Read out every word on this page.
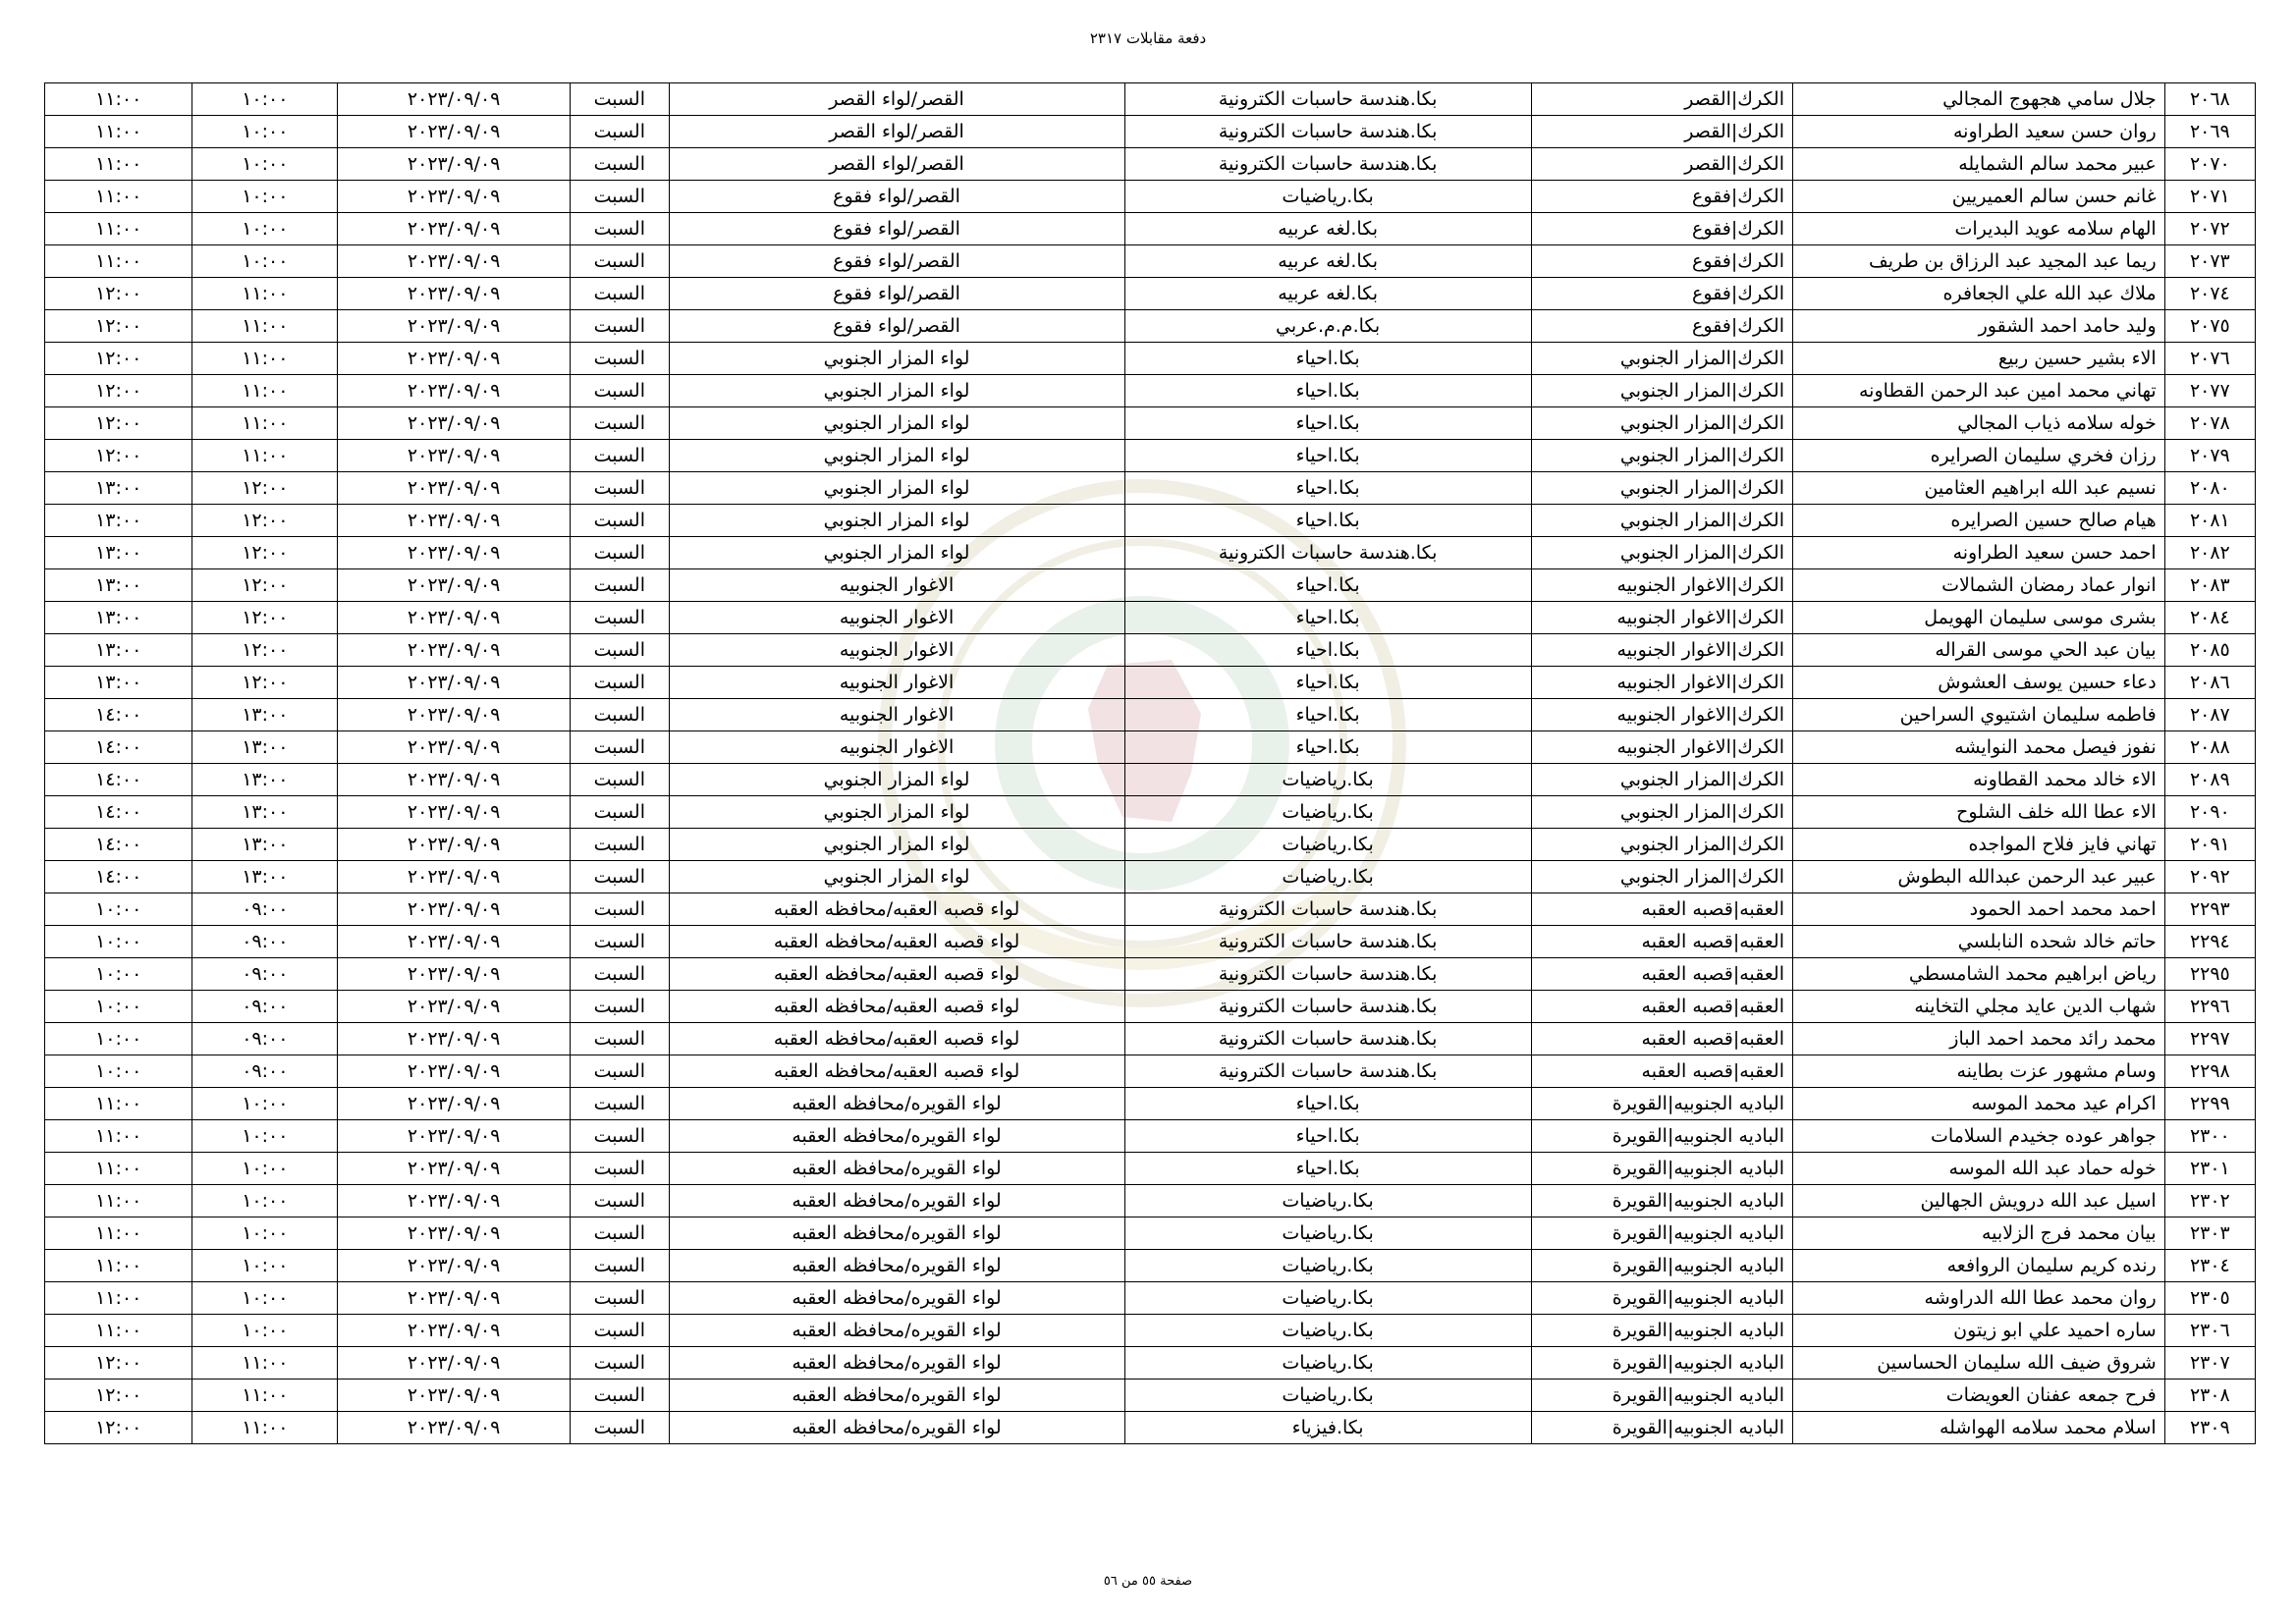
دفعة مقابلات ٢٣١٧
٢٠٦٨	جلال سامي هجهوج المجالي	الكرك|القصر	بكا.هندسة حاسبات الكترونية	القصر/لواء القصر	السبت	٢٠٢٣/٠٩/٠٩	١٠:٠٠	١١:٠٠
٢٠٦٩	روان حسن سعيد الطراونه	الكرك|القصر	بكا.هندسة حاسبات الكترونية	القصر/لواء القصر	السبت	٢٠٢٣/٠٩/٠٩	١٠:٠٠	١١:٠٠
٢٠٧٠	عبير محمد سالم الشمايله	الكرك|القصر	بكا.هندسة حاسبات الكترونية	القصر/لواء القصر	السبت	٢٠٢٣/٠٩/٠٩	١٠:٠٠	١١:٠٠
٢٠٧١	غانم حسن سالم العميريين	الكرك|فقوع	بكا.رياضيات	القصر/لواء فقوع	السبت	٢٠٢٣/٠٩/٠٩	١٠:٠٠	١١:٠٠
٢٠٧٢	الهام سلامه عويد البديرات	الكرك|فقوع	بكا.لغه عربيه	القصر/لواء فقوع	السبت	٢٠٢٣/٠٩/٠٩	١٠:٠٠	١١:٠٠
٢٠٧٣	ريما عبد المجيد عبد الرزاق بن طريف	الكرك|فقوع	بكا.لغه عربيه	القصر/لواء فقوع	السبت	٢٠٢٣/٠٩/٠٩	١٠:٠٠	١١:٠٠
٢٠٧٤	ملاك عبد الله علي الجعافره	الكرك|فقوع	بكا.لغه عربيه	القصر/لواء فقوع	السبت	٢٠٢٣/٠٩/٠٩	١١:٠٠	١٢:٠٠
٢٠٧٥	وليد حامد احمد الشقور	الكرك|فقوع	بكا.م.م.عربي	القصر/لواء فقوع	السبت	٢٠٢٣/٠٩/٠٩	١١:٠٠	١٢:٠٠
٢٠٧٦	الاء بشير حسين ربيع	الكرك|المزار الجنوبي	بكا.احياء	لواء المزار الجنوبي	السبت	٢٠٢٣/٠٩/٠٩	١١:٠٠	١٢:٠٠
٢٠٧٧	تهاني محمد امين عبد الرحمن القطاونه	الكرك|المزار الجنوبي	بكا.احياء	لواء المزار الجنوبي	السبت	٢٠٢٣/٠٩/٠٩	١١:٠٠	١٢:٠٠
٢٠٧٨	خوله سلامه ذياب المجالي	الكرك|المزار الجنوبي	بكا.احياء	لواء المزار الجنوبي	السبت	٢٠٢٣/٠٩/٠٩	١١:٠٠	١٢:٠٠
٢٠٧٩	رزان فخري سليمان الصرايره	الكرك|المزار الجنوبي	بكا.احياء	لواء المزار الجنوبي	السبت	٢٠٢٣/٠٩/٠٩	١١:٠٠	١٢:٠٠
٢٠٨٠	نسيم عبد الله ابراهيم العثامين	الكرك|المزار الجنوبي	بكا.احياء	لواء المزار الجنوبي	السبت	٢٠٢٣/٠٩/٠٩	١٢:٠٠	١٣:٠٠
٢٠٨١	هيام صالح حسين الصرايره	الكرك|المزار الجنوبي	بكا.احياء	لواء المزار الجنوبي	السبت	٢٠٢٣/٠٩/٠٩	١٢:٠٠	١٣:٠٠
٢٠٨٢	احمد حسن سعيد الطراونه	الكرك|المزار الجنوبي	بكا.هندسة حاسبات الكترونية	لواء المزار الجنوبي	السبت	٢٠٢٣/٠٩/٠٩	١٢:٠٠	١٣:٠٠
٢٠٨٣	انوار عماد رمضان الشمالات	الكرك|الاغوار الجنوبيه	بكا.احياء	الاغوار الجنوبيه	السبت	٢٠٢٣/٠٩/٠٩	١٢:٠٠	١٣:٠٠
٢٠٨٤	بشرى موسى سليمان الهويمل	الكرك|الاغوار الجنوبيه	بكا.احياء	الاغوار الجنوبيه	السبت	٢٠٢٣/٠٩/٠٩	١٢:٠٠	١٣:٠٠
٢٠٨٥	بيان عبد الحي موسى القراله	الكرك|الاغوار الجنوبيه	بكا.احياء	الاغوار الجنوبيه	السبت	٢٠٢٣/٠٩/٠٩	١٢:٠٠	١٣:٠٠
٢٠٨٦	دعاء حسين يوسف العشوش	الكرك|الاغوار الجنوبيه	بكا.احياء	الاغوار الجنوبيه	السبت	٢٠٢٣/٠٩/٠٩	١٢:٠٠	١٣:٠٠
٢٠٨٧	فاطمه سليمان اشتيوي السراحين	الكرك|الاغوار الجنوبيه	بكا.احياء	الاغوار الجنوبيه	السبت	٢٠٢٣/٠٩/٠٩	١٣:٠٠	١٤:٠٠
٢٠٨٨	نفوز فيصل محمد النوايشه	الكرك|الاغوار الجنوبيه	بكا.احياء	الاغوار الجنوبيه	السبت	٢٠٢٣/٠٩/٠٩	١٣:٠٠	١٤:٠٠
٢٠٨٩	الاء خالد محمد القطاونه	الكرك|المزار الجنوبي	بكا.رياضيات	لواء المزار الجنوبي	السبت	٢٠٢٣/٠٩/٠٩	١٣:٠٠	١٤:٠٠
٢٠٩٠	الاء عطا الله خلف الشلوح	الكرك|المزار الجنوبي	بكا.رياضيات	لواء المزار الجنوبي	السبت	٢٠٢٣/٠٩/٠٩	١٣:٠٠	١٤:٠٠
٢٠٩١	تهاني فايز فلاح المواجده	الكرك|المزار الجنوبي	بكا.رياضيات	لواء المزار الجنوبي	السبت	٢٠٢٣/٠٩/٠٩	١٣:٠٠	١٤:٠٠
٢٠٩٢	عبير عبد الرحمن عبدالله البطوش	الكرك|المزار الجنوبي	بكا.رياضيات	لواء المزار الجنوبي	السبت	٢٠٢٣/٠٩/٠٩	١٣:٠٠	١٤:٠٠
٢٢٩٣	احمد محمد احمد الحمود	العقبه|قصبه العقبه	بكا.هندسة حاسبات الكترونية	لواء قصبه العقبه/محافظه العقبه	السبت	٢٠٢٣/٠٩/٠٩	٠٩:٠٠	١٠:٠٠
٢٢٩٤	حاتم خالد شحده النابلسي	العقبه|قصبه العقبه	بكا.هندسة حاسبات الكترونية	لواء قصبه العقبه/محافظه العقبه	السبت	٢٠٢٣/٠٩/٠٩	٠٩:٠٠	١٠:٠٠
٢٢٩٥	رياض ابراهيم محمد الشامسطي	العقبه|قصبه العقبه	بكا.هندسة حاسبات الكترونية	لواء قصبه العقبه/محافظه العقبه	السبت	٢٠٢٣/٠٩/٠٩	٠٩:٠٠	١٠:٠٠
٢٢٩٦	شهاب الدين عايد مجلي التخاينه	العقبه|قصبه العقبه	بكا.هندسة حاسبات الكترونية	لواء قصبه العقبه/محافظه العقبه	السبت	٢٠٢٣/٠٩/٠٩	٠٩:٠٠	١٠:٠٠
٢٢٩٧	محمد رائد محمد احمد الباز	العقبه|قصبه العقبه	بكا.هندسة حاسبات الكترونية	لواء قصبه العقبه/محافظه العقبه	السبت	٢٠٢٣/٠٩/٠٩	٠٩:٠٠	١٠:٠٠
٢٢٩٨	وسام مشهور عزت بطاينه	العقبه|قصبه العقبه	بكا.هندسة حاسبات الكترونية	لواء قصبه العقبه/محافظه العقبه	السبت	٢٠٢٣/٠٩/٠٩	٠٩:٠٠	١٠:٠٠
٢٢٩٩	اكرام عيد محمد الموسه	الباديه الجنوبيه|القويرة	بكا.احياء	لواء القويره/محافظه العقبه	السبت	٢٠٢٣/٠٩/٠٩	١٠:٠٠	١١:٠٠
٢٣٠٠	جواهر عوده جخيدم السلامات	الباديه الجنوبيه|القويرة	بكا.احياء	لواء القويره/محافظه العقبه	السبت	٢٠٢٣/٠٩/٠٩	١٠:٠٠	١١:٠٠
٢٣٠١	خوله حماد عبد الله الموسه	الباديه الجنوبيه|القويرة	بكا.احياء	لواء القويره/محافظه العقبه	السبت	٢٠٢٣/٠٩/٠٩	١٠:٠٠	١١:٠٠
٢٣٠٢	اسيل عبد الله درويش الجهالين	الباديه الجنوبيه|القويرة	بكا.رياضيات	لواء القويره/محافظه العقبه	السبت	٢٠٢٣/٠٩/٠٩	١٠:٠٠	١١:٠٠
٢٣٠٣	بيان محمد فرج الزلابيه	الباديه الجنوبيه|القويرة	بكا.رياضيات	لواء القويره/محافظه العقبه	السبت	٢٠٢٣/٠٩/٠٩	١٠:٠٠	١١:٠٠
٢٣٠٤	رنده كريم سليمان الروافعه	الباديه الجنوبيه|القويرة	بكا.رياضيات	لواء القويره/محافظه العقبه	السبت	٢٠٢٣/٠٩/٠٩	١٠:٠٠	١١:٠٠
٢٣٠٥	روان محمد عطا الله الدراوشه	الباديه الجنوبيه|القويرة	بكا.رياضيات	لواء القويره/محافظه العقبه	السبت	٢٠٢٣/٠٩/٠٩	١٠:٠٠	١١:٠٠
٢٣٠٦	ساره احميد علي ابو زيتون	الباديه الجنوبيه|القويرة	بكا.رياضيات	لواء القويره/محافظه العقبه	السبت	٢٠٢٣/٠٩/٠٩	١٠:٠٠	١١:٠٠
٢٣٠٧	شروق ضيف الله سليمان الحساسين	الباديه الجنوبيه|القويرة	بكا.رياضيات	لواء القويره/محافظه العقبه	السبت	٢٠٢٣/٠٩/٠٩	١١:٠٠	١٢:٠٠
٢٣٠٨	فرح جمعه عفنان العويضات	الباديه الجنوبيه|القويرة	بكا.رياضيات	لواء القويره/محافظه العقبه	السبت	٢٠٢٣/٠٩/٠٩	١١:٠٠	١٢:٠٠
٢٣٠٩	اسلام محمد سلامه الهواشله	الباديه الجنوبيه|القويرة	بكا.فيزياء	لواء القويره/محافظه العقبه	السبت	٢٠٢٣/٠٩/٠٩	١١:٠٠	١٢:٠٠
صفحة ٥٥ من ٥٦
